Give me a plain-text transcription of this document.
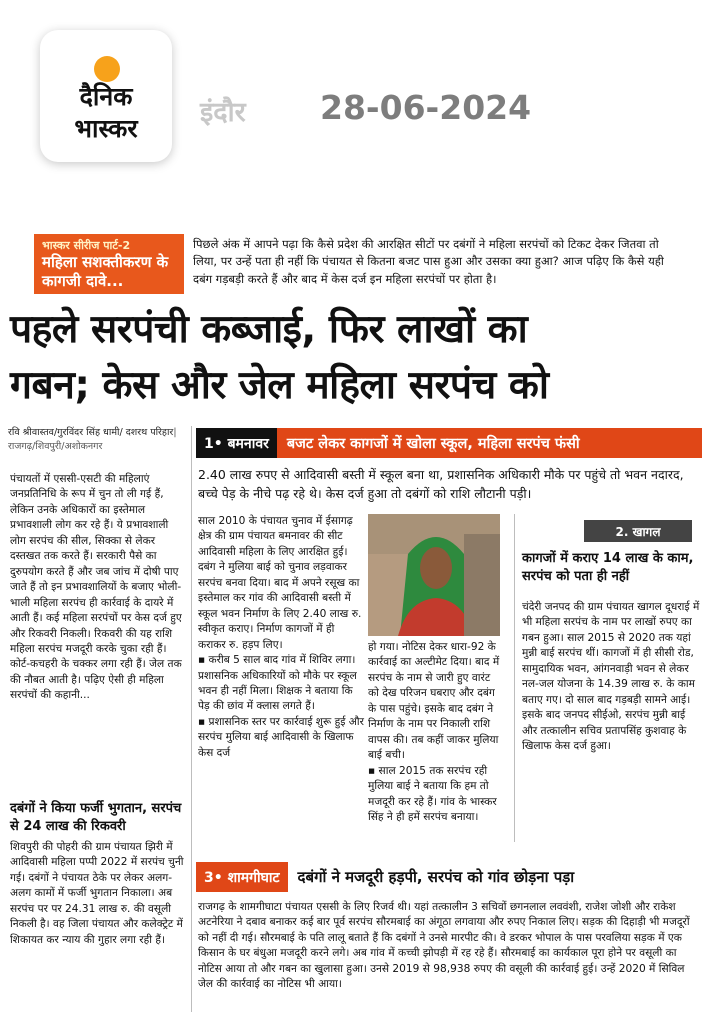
दैनिक
भास्कर
इंदौर 28-06-2024
भास्कर सीरीज पार्ट-2
महिला सशक्तीकरण के कागजी दावे...
पिछले अंक में आपने पढ़ा कि कैसे प्रदेश की आरक्षित सीटों पर दबंगों ने महिला सरपंचों को टिकट देकर जितवा तो लिया, पर उन्हें पता ही नहीं कि पंचायत से कितना बजट पास हुआ और उसका क्या हुआ? आज पढ़िए कि कैसे यही दबंग गड़बड़ी करते हैं और बाद में केस दर्ज इन महिला सरपंचों पर होता है।
पहले सरपंची कब्जाई, फिर लाखों का
गबन; केस और जेल महिला सरपंच को
रवि श्रीवास्तव/गुरविंदर सिंह धामी/ दशरथ परिहार| राजगढ़/शिवपुरी/अशोकनगर	1• बमनावर	बजट लेकर कागजों में खोला स्कूल, महिला सरपंच फंसी
पंचायतों में एससी-एसटी की महिलाएं जनप्रतिनिधि के रूप में चुन तो ली गई हैं, लेकिन उनके अधिकारों का इस्तेमाल प्रभावशाली लोग कर रहे हैं। ये प्रभावशाली लोग सरपंच की सील, सिक्का से लेकर दस्तखत तक करते हैं। सरकारी पैसे का दुरुपयोग करते हैं और जब जांच में दोषी पाए जाते हैं तो इन प्रभावशालियों के बजाए भोली-भाली महिला सरपंच ही कार्रवाई के दायरे में आती हैं। कई महिला सरपंचों पर केस दर्ज हुए और रिकवरी निकली। रिकवरी की यह राशि महिला सरपंच मजदूरी करके चुका रही हैं। कोर्ट-कचहरी के चक्कर लगा रही हैं। जेल तक की नौबत आती है। पढ़िए ऐसी ही महिला सरपंचों की कहानी...
दबंगों ने किया फर्जी भुगतान, सरपंच से 24 लाख की रिकवरी
शिवपुरी की पोहरी की ग्राम पंचायत झिरी में आदिवासी महिला पप्पी 2022 में सरपंच चुनी गई। दबंगों ने पंचायत ठेके पर लेकर अलग-अलग कामों में फर्जी भुगतान निकाला। अब सरपंच पर पर 24.31 लाख रु. की वसूली निकली है। वह जिला पंचायत और कलेक्ट्रेट में शिकायत कर न्याय की गुहार लगा रही हैं।
2.40 लाख रुपए से आदिवासी बस्ती में स्कूल बना था, प्रशासनिक अधिकारी मौके पर पहुंचे तो भवन नदारद, बच्चे पेड़ के नीचे पढ़ रहे थे। केस दर्ज हुआ तो दबंगों को राशि लौटानी पड़ी।
साल 2010 के पंचायत चुनाव में ईसागढ़ क्षेत्र की ग्राम पंचायत बमनावर की सीट आदिवासी महिला के लिए आरक्षित हुई। दबंग ने मुलिया बाई को चुनाव लड़वाकर सरपंच बनवा दिया। बाद में अपने रसूख का इस्तेमाल कर गांव की आदिवासी बस्ती में स्कूल भवन निर्माण के लिए 2.40 लाख रु. स्वीकृत कराए। निर्माण कागजों में ही कराकर रु. हड़प लिए।
▪ करीब 5 साल बाद गांव में शिविर लगा। प्रशासनिक अधिकारियों को मौके पर स्कूल भवन ही नहीं मिला। शिक्षक ने बताया कि पेड़ की छांव में क्लास लगते हैं।
▪ प्रशासनिक स्तर पर कार्रवाई शुरू हुई और सरपंच मुलिया बाई आदिवासी के खिलाफ केस दर्ज
हो गया। नोटिस देकर धारा-92 के कार्रवाई का अल्टीमेट दिया। बाद में सरपंच के नाम से जारी हुए वारंट को देख परिजन घबराए और दबंग के पास पहुंचे। इसके बाद दबंग ने निर्माण के नाम पर निकाली राशि वापस की। तब कहीं जाकर मुलिया बाई बची।
▪ साल 2015 तक सरपंच रही मुलिया बाई ने बताया कि हम तो मजदूरी कर रहे हैं। गांव के भास्कर सिंह ने ही हमें सरपंच बनाया।
2. खागल
कागजों में कराए 14 लाख के काम, सरपंच को पता ही नहीं
चंदेरी जनपद की ग्राम पंचायत खागल दूधराई में भी महिला सरपंच के नाम पर लाखों रुपए का गबन हुआ। साल 2015 से 2020 तक यहां मुन्नी बाई सरपंच थीं। कागजों में ही सीसी रोड, सामुदायिक भवन, आंगनवाड़ी भवन से लेकर नल-जल योजना के 14.39 लाख रु. के काम बताए गए। दो साल बाद गड़बड़ी सामने आई। इसके बाद जनपद सीईओ, सरपंच मुन्नी बाई और तत्कालीन सचिव प्रतापसिंह कुशवाह के खिलाफ केस दर्ज हुआ।
3• शामगीघाट	दबंगों ने मजदूरी हड़पी, सरपंच को गांव छोड़ना पड़ा
राजगढ़ के शामगीघाटा पंचायत एससी के लिए रिजर्व थी। यहां तत्कालीन 3 सचिवों छगनलाल लववंशी, राजेश जोशी और राकेश अटनेरिया ने दबाव बनाकर कई बार पूर्व सरपंच सौरमबाई का अंगूठा लगवाया और रुपए निकाल लिए। सड़क की दिहाड़ी भी मजदूरों को नहीं दी गई। सौरमबाई के पति लालू बताते हैं कि दबंगों ने उनसे मारपीट की। वे डरकर भोपाल के पास परवलिया सड़क में एक किसान के घर बंधुआ मजदूरी करने लगे। अब गांव में कच्ची झोपड़ी में रह रहे हैं। सौरमबाई का कार्यकाल पूरा होने पर वसूली का नोटिस आया तो और गबन का खुलासा हुआ। उनसे 2019 से 98,938 रुपए की वसूली की कार्रवाई हुई। उन्हें 2020 में सिविल जेल की कार्रवाई का नोटिस भी आया।
